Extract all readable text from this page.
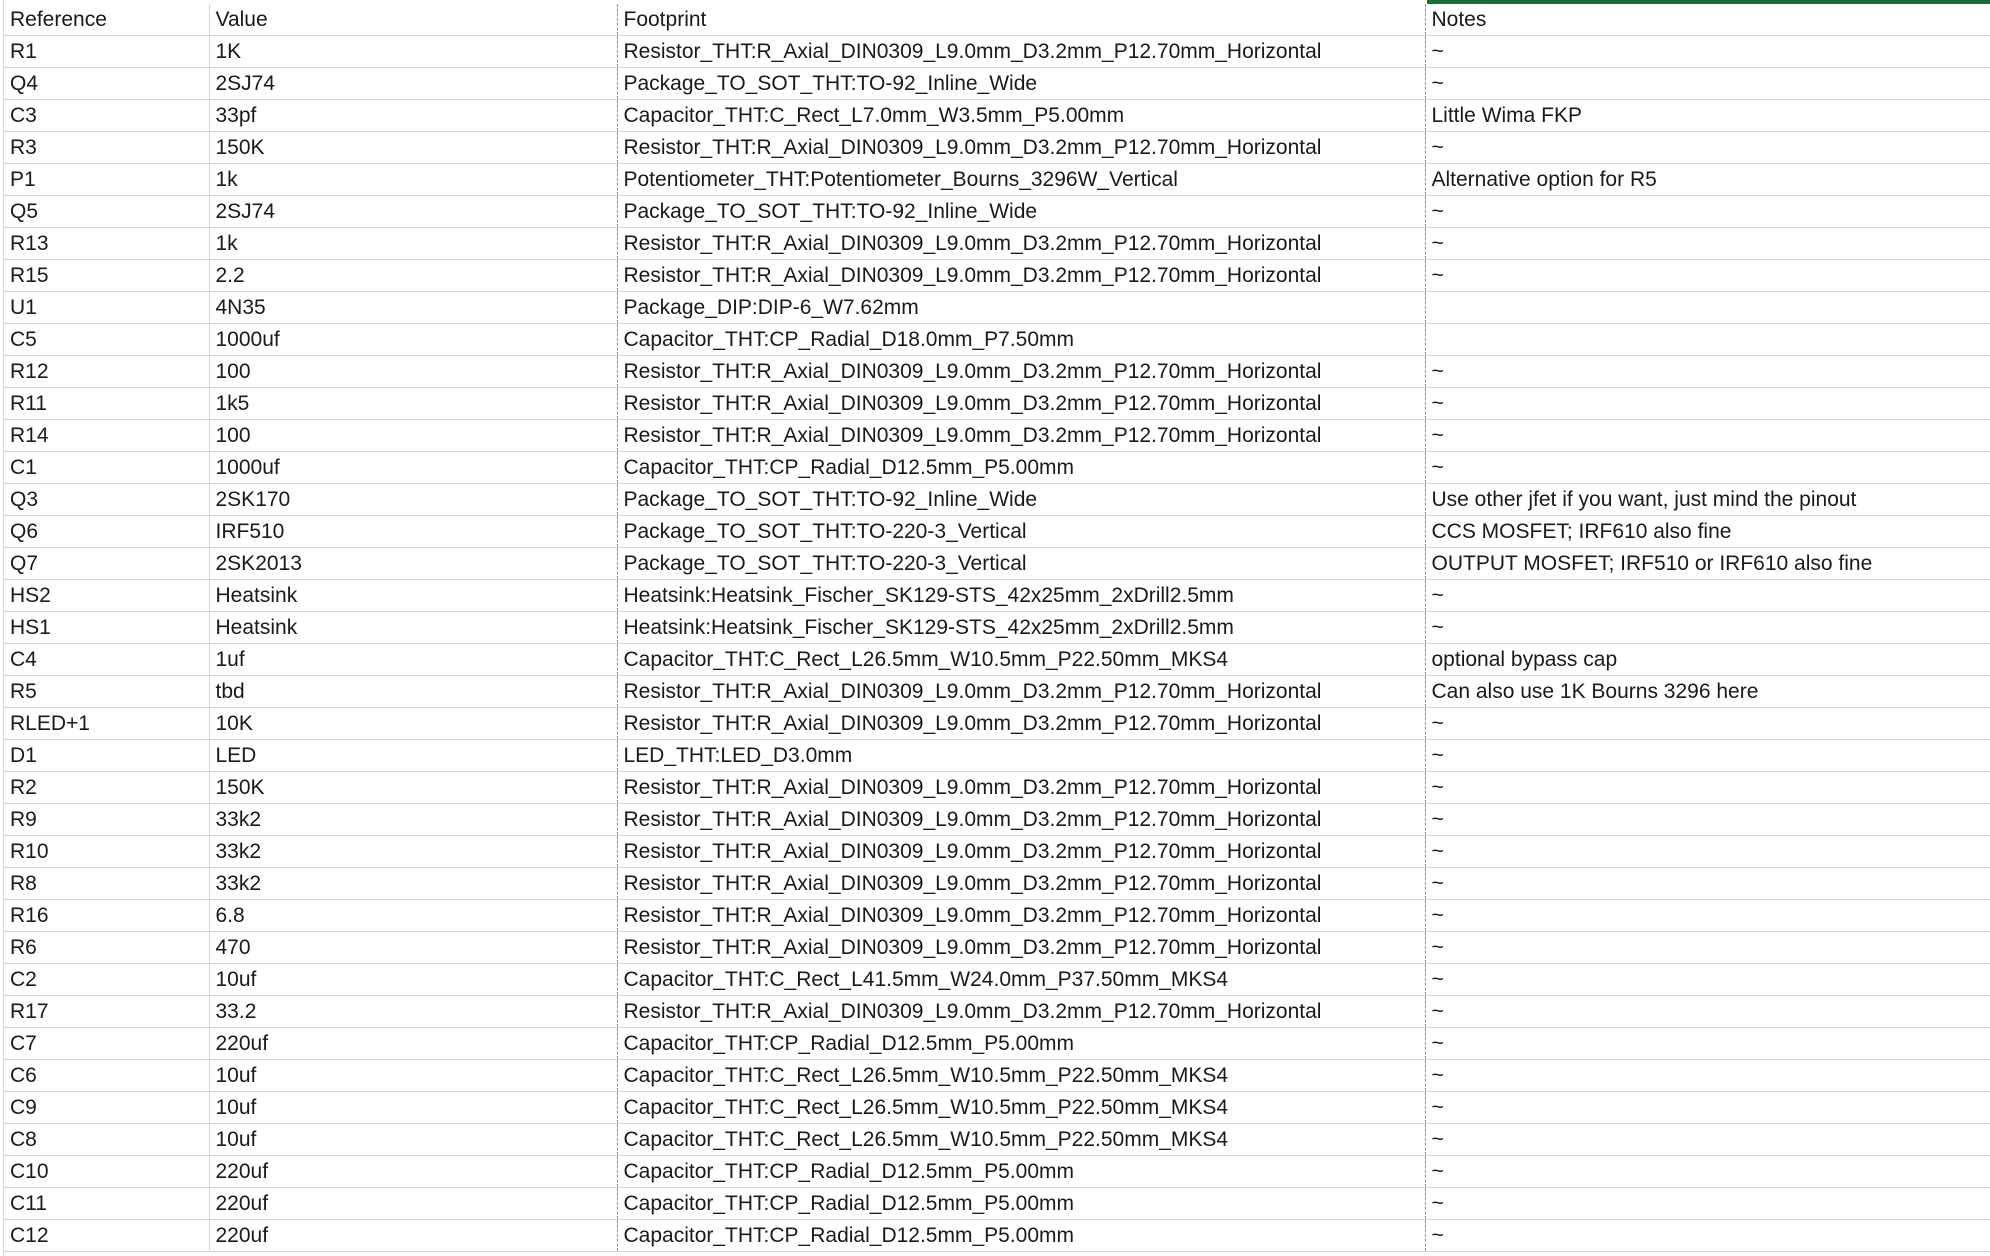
Reference	Value	Footprint	Notes
R1	1K	Resistor_THT:R_Axial_DIN0309_L9.0mm_D3.2mm_P12.70mm_Horizontal	~
Q4	2SJ74	Package_TO_SOT_THT:TO-92_Inline_Wide	~
C3	33pf	Capacitor_THT:C_Rect_L7.0mm_W3.5mm_P5.00mm	Little Wima FKP
R3	150K	Resistor_THT:R_Axial_DIN0309_L9.0mm_D3.2mm_P12.70mm_Horizontal	~
P1	1k	Potentiometer_THT:Potentiometer_Bourns_3296W_Vertical	Alternative option for R5
Q5	2SJ74	Package_TO_SOT_THT:TO-92_Inline_Wide	~
R13	1k	Resistor_THT:R_Axial_DIN0309_L9.0mm_D3.2mm_P12.70mm_Horizontal	~
R15	2.2	Resistor_THT:R_Axial_DIN0309_L9.0mm_D3.2mm_P12.70mm_Horizontal	~
U1	4N35	Package_DIP:DIP-6_W7.62mm	
C5	1000uf	Capacitor_THT:CP_Radial_D18.0mm_P7.50mm	
R12	100	Resistor_THT:R_Axial_DIN0309_L9.0mm_D3.2mm_P12.70mm_Horizontal	~
R11	1k5	Resistor_THT:R_Axial_DIN0309_L9.0mm_D3.2mm_P12.70mm_Horizontal	~
R14	100	Resistor_THT:R_Axial_DIN0309_L9.0mm_D3.2mm_P12.70mm_Horizontal	~
C1	1000uf	Capacitor_THT:CP_Radial_D12.5mm_P5.00mm	~
Q3	2SK170	Package_TO_SOT_THT:TO-92_Inline_Wide	Use other jfet if you want, just mind the pinout
Q6	IRF510	Package_TO_SOT_THT:TO-220-3_Vertical	CCS MOSFET; IRF610 also fine
Q7	2SK2013	Package_TO_SOT_THT:TO-220-3_Vertical	OUTPUT MOSFET; IRF510 or IRF610 also fine
HS2	Heatsink	Heatsink:Heatsink_Fischer_SK129-STS_42x25mm_2xDrill2.5mm	~
HS1	Heatsink	Heatsink:Heatsink_Fischer_SK129-STS_42x25mm_2xDrill2.5mm	~
C4	1uf	Capacitor_THT:C_Rect_L26.5mm_W10.5mm_P22.50mm_MKS4	optional bypass cap
R5	tbd	Resistor_THT:R_Axial_DIN0309_L9.0mm_D3.2mm_P12.70mm_Horizontal	Can also use 1K Bourns 3296 here
RLED+1	10K	Resistor_THT:R_Axial_DIN0309_L9.0mm_D3.2mm_P12.70mm_Horizontal	~
D1	LED	LED_THT:LED_D3.0mm	~
R2	150K	Resistor_THT:R_Axial_DIN0309_L9.0mm_D3.2mm_P12.70mm_Horizontal	~
R9	33k2	Resistor_THT:R_Axial_DIN0309_L9.0mm_D3.2mm_P12.70mm_Horizontal	~
R10	33k2	Resistor_THT:R_Axial_DIN0309_L9.0mm_D3.2mm_P12.70mm_Horizontal	~
R8	33k2	Resistor_THT:R_Axial_DIN0309_L9.0mm_D3.2mm_P12.70mm_Horizontal	~
R16	6.8	Resistor_THT:R_Axial_DIN0309_L9.0mm_D3.2mm_P12.70mm_Horizontal	~
R6	470	Resistor_THT:R_Axial_DIN0309_L9.0mm_D3.2mm_P12.70mm_Horizontal	~
C2	10uf	Capacitor_THT:C_Rect_L41.5mm_W24.0mm_P37.50mm_MKS4	~
R17	33.2	Resistor_THT:R_Axial_DIN0309_L9.0mm_D3.2mm_P12.70mm_Horizontal	~
C7	220uf	Capacitor_THT:CP_Radial_D12.5mm_P5.00mm	~
C6	10uf	Capacitor_THT:C_Rect_L26.5mm_W10.5mm_P22.50mm_MKS4	~
C9	10uf	Capacitor_THT:C_Rect_L26.5mm_W10.5mm_P22.50mm_MKS4	~
C8	10uf	Capacitor_THT:C_Rect_L26.5mm_W10.5mm_P22.50mm_MKS4	~
C10	220uf	Capacitor_THT:CP_Radial_D12.5mm_P5.00mm	~
C11	220uf	Capacitor_THT:CP_Radial_D12.5mm_P5.00mm	~
C12	220uf	Capacitor_THT:CP_Radial_D12.5mm_P5.00mm	~
